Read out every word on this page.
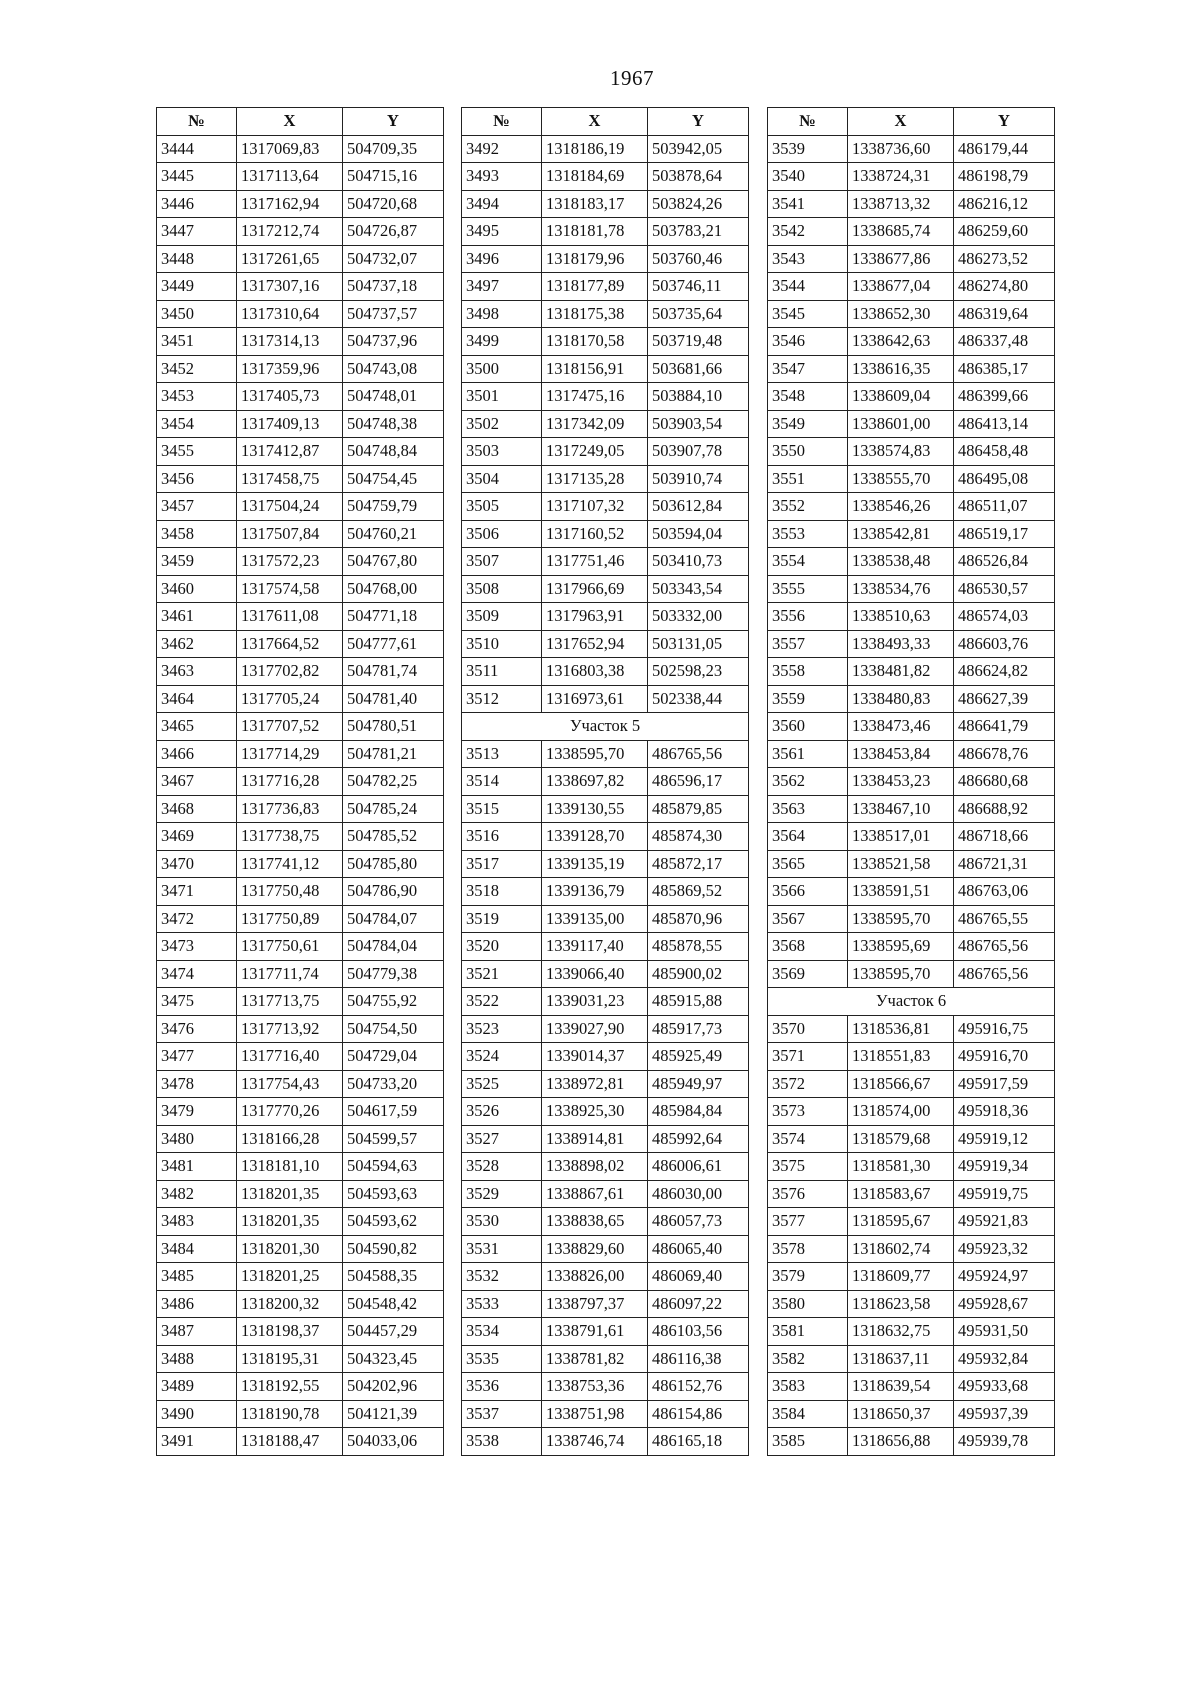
1967
№	X	Y
3444	1317069,83	504709,35
3445	1317113,64	504715,16
3446	1317162,94	504720,68
3447	1317212,74	504726,87
3448	1317261,65	504732,07
3449	1317307,16	504737,18
3450	1317310,64	504737,57
3451	1317314,13	504737,96
3452	1317359,96	504743,08
3453	1317405,73	504748,01
3454	1317409,13	504748,38
3455	1317412,87	504748,84
3456	1317458,75	504754,45
3457	1317504,24	504759,79
3458	1317507,84	504760,21
3459	1317572,23	504767,80
3460	1317574,58	504768,00
3461	1317611,08	504771,18
3462	1317664,52	504777,61
3463	1317702,82	504781,74
3464	1317705,24	504781,40
3465	1317707,52	504780,51
3466	1317714,29	504781,21
3467	1317716,28	504782,25
3468	1317736,83	504785,24
3469	1317738,75	504785,52
3470	1317741,12	504785,80
3471	1317750,48	504786,90
3472	1317750,89	504784,07
3473	1317750,61	504784,04
3474	1317711,74	504779,38
3475	1317713,75	504755,92
3476	1317713,92	504754,50
3477	1317716,40	504729,04
3478	1317754,43	504733,20
3479	1317770,26	504617,59
3480	1318166,28	504599,57
3481	1318181,10	504594,63
3482	1318201,35	504593,63
3483	1318201,35	504593,62
3484	1318201,30	504590,82
3485	1318201,25	504588,35
3486	1318200,32	504548,42
3487	1318198,37	504457,29
3488	1318195,31	504323,45
3489	1318192,55	504202,96
3490	1318190,78	504121,39
3491	1318188,47	504033,06
№	X	Y
3492	1318186,19	503942,05
3493	1318184,69	503878,64
3494	1318183,17	503824,26
3495	1318181,78	503783,21
3496	1318179,96	503760,46
3497	1318177,89	503746,11
3498	1318175,38	503735,64
3499	1318170,58	503719,48
3500	1318156,91	503681,66
3501	1317475,16	503884,10
3502	1317342,09	503903,54
3503	1317249,05	503907,78
3504	1317135,28	503910,74
3505	1317107,32	503612,84
3506	1317160,52	503594,04
3507	1317751,46	503410,73
3508	1317966,69	503343,54
3509	1317963,91	503332,00
3510	1317652,94	503131,05
3511	1316803,38	502598,23
3512	1316973,61	502338,44
Участок 5		
3513	1338595,70	486765,56
3514	1338697,82	486596,17
3515	1339130,55	485879,85
3516	1339128,70	485874,30
3517	1339135,19	485872,17
3518	1339136,79	485869,52
3519	1339135,00	485870,96
3520	1339117,40	485878,55
3521	1339066,40	485900,02
3522	1339031,23	485915,88
3523	1339027,90	485917,73
3524	1339014,37	485925,49
3525	1338972,81	485949,97
3526	1338925,30	485984,84
3527	1338914,81	485992,64
3528	1338898,02	486006,61
3529	1338867,61	486030,00
3530	1338838,65	486057,73
3531	1338829,60	486065,40
3532	1338826,00	486069,40
3533	1338797,37	486097,22
3534	1338791,61	486103,56
3535	1338781,82	486116,38
3536	1338753,36	486152,76
3537	1338751,98	486154,86
3538	1338746,74	486165,18
№	X	Y
3539	1338736,60	486179,44
3540	1338724,31	486198,79
3541	1338713,32	486216,12
3542	1338685,74	486259,60
3543	1338677,86	486273,52
3544	1338677,04	486274,80
3545	1338652,30	486319,64
3546	1338642,63	486337,48
3547	1338616,35	486385,17
3548	1338609,04	486399,66
3549	1338601,00	486413,14
3550	1338574,83	486458,48
3551	1338555,70	486495,08
3552	1338546,26	486511,07
3553	1338542,81	486519,17
3554	1338538,48	486526,84
3555	1338534,76	486530,57
3556	1338510,63	486574,03
3557	1338493,33	486603,76
3558	1338481,82	486624,82
3559	1338480,83	486627,39
3560	1338473,46	486641,79
3561	1338453,84	486678,76
3562	1338453,23	486680,68
3563	1338467,10	486688,92
3564	1338517,01	486718,66
3565	1338521,58	486721,31
3566	1338591,51	486763,06
3567	1338595,70	486765,55
3568	1338595,69	486765,56
3569	1338595,70	486765,56
Участок 6		
3570	1318536,81	495916,75
3571	1318551,83	495916,70
3572	1318566,67	495917,59
3573	1318574,00	495918,36
3574	1318579,68	495919,12
3575	1318581,30	495919,34
3576	1318583,67	495919,75
3577	1318595,67	495921,83
3578	1318602,74	495923,32
3579	1318609,77	495924,97
3580	1318623,58	495928,67
3581	1318632,75	495931,50
3582	1318637,11	495932,84
3583	1318639,54	495933,68
3584	1318650,37	495937,39
3585	1318656,88	495939,78
